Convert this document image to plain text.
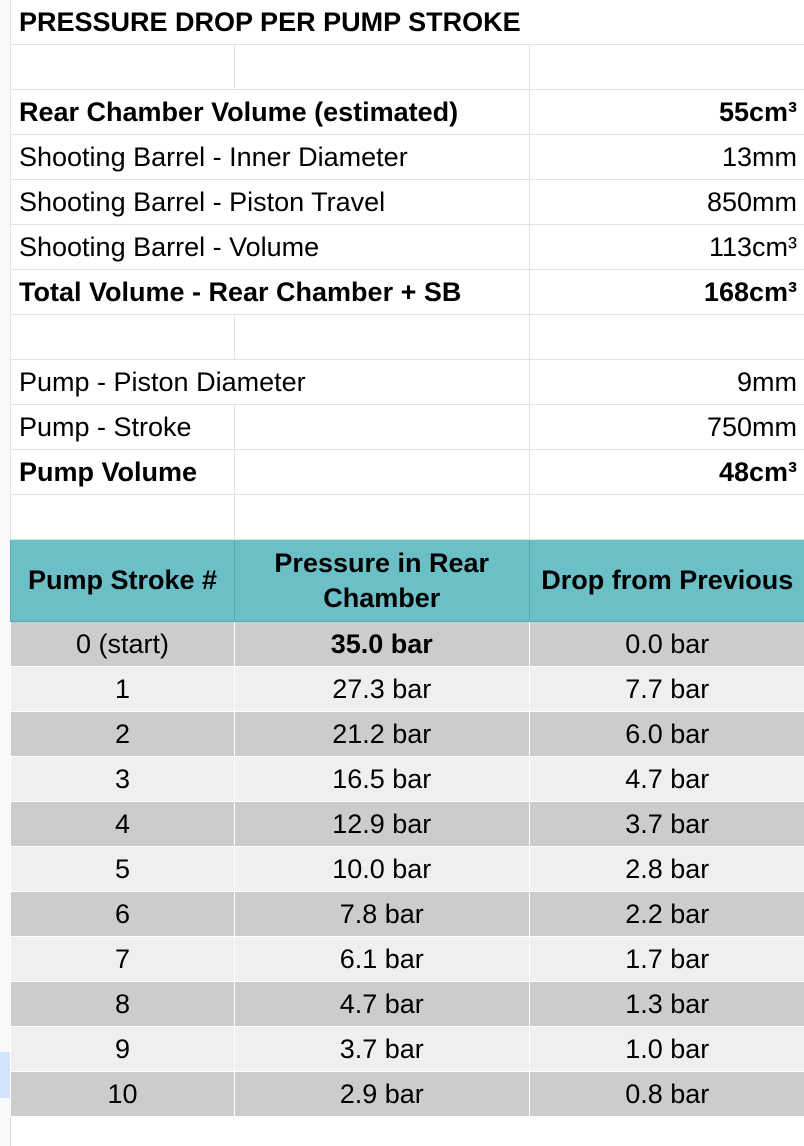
PRESSURE DROP PER PUMP STROKE		

Rear Chamber Volume (estimated)		55cm³
Shooting Barrel - Inner Diameter		13mm
Shooting Barrel - Piston Travel		850mm
Shooting Barrel - Volume		113cm³
Total Volume - Rear Chamber + SB		168cm³

Pump - Piston Diameter		9mm
Pump - Stroke		750mm
Pump Volume		48cm³

Pump Stroke #	Pressure in Rear Chamber	Drop from Previous
0 (start)	35.0 bar	0.0 bar
1	27.3 bar	7.7 bar
2	21.2 bar	6.0 bar
3	16.5 bar	4.7 bar
4	12.9 bar	3.7 bar
5	10.0 bar	2.8 bar
6	7.8 bar	2.2 bar
7	6.1 bar	1.7 bar
8	4.7 bar	1.3 bar
9	3.7 bar	1.0 bar
10	2.9 bar	0.8 bar
